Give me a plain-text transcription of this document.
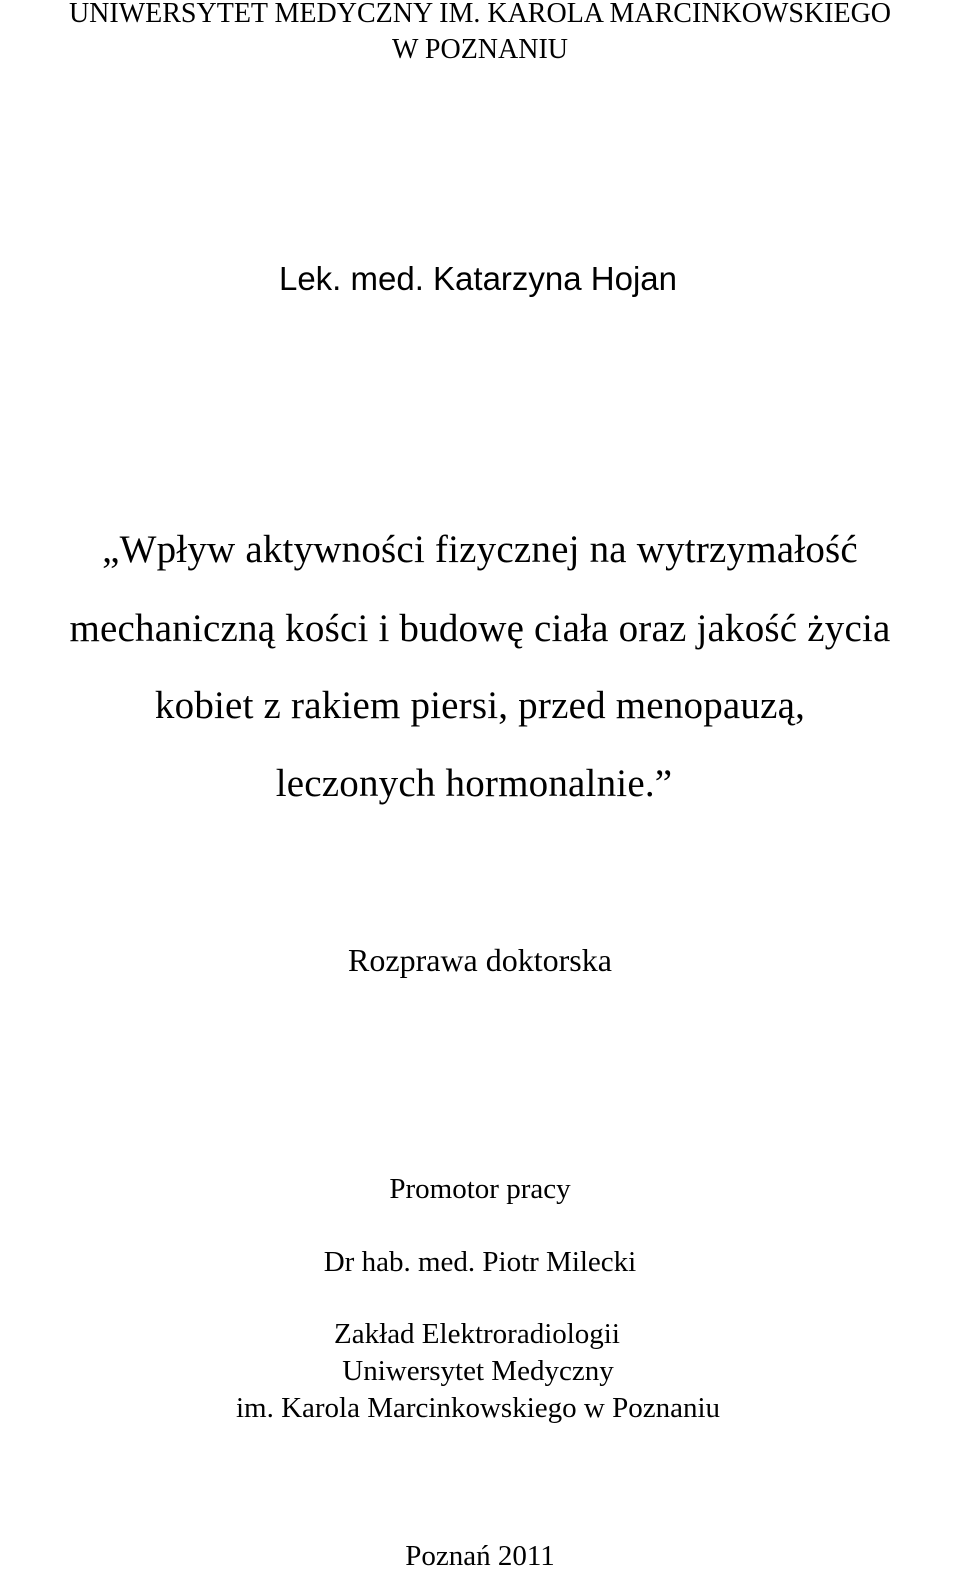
UNIWERSYTET MEDYCZNY IM. KAROLA MARCINKOWSKIEGO
W POZNANIU
Lek. med. Katarzyna Hojan
„Wpływ aktywności fizycznej na wytrzymałość
mechaniczną kości i budowę ciała oraz jakość życia
kobiet z rakiem piersi, przed menopauzą,
leczonych hormonalnie.”
Rozprawa doktorska
Promotor pracy
Dr hab. med. Piotr Milecki
Zakład Elektroradiologii
Uniwersytet Medyczny
im. Karola Marcinkowskiego w Poznaniu
Poznań 2011
